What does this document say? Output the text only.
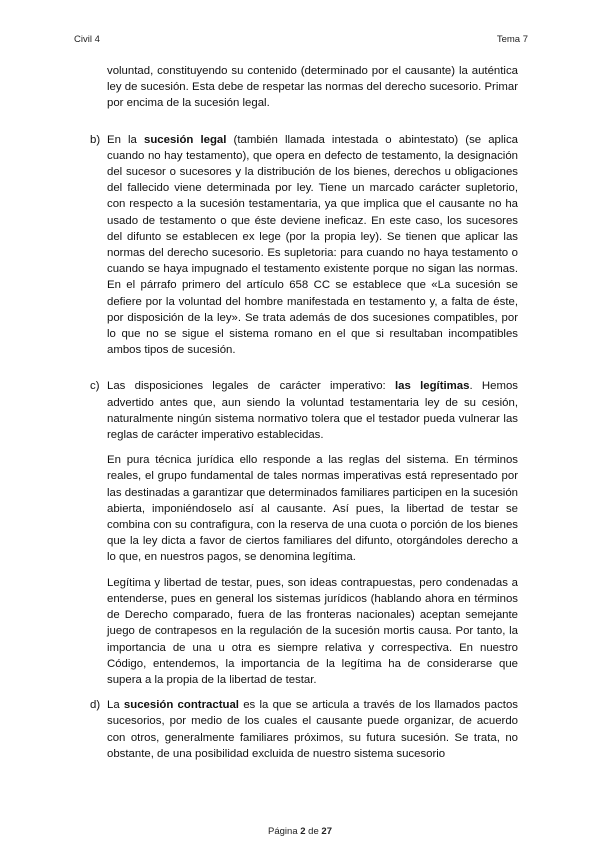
Civil 4	Tema 7

voluntad, constituyendo su contenido (determinado por el causante) la auténtica ley de sucesión. Esta debe de respetar las normas del derecho sucesorio. Primar por encima de la sucesión legal.

b) En la sucesión legal (también llamada intestada o abintestato) (se aplica cuando no hay testamento), que opera en defecto de testamento, la designación del sucesor o sucesores y la distribución de los bienes, derechos u obligaciones del fallecido viene determinada por ley. Tiene un marcado carácter supletorio, con respecto a la sucesión testamentaria, ya que implica que el causante no ha usado de testamento o que éste deviene ineficaz. En este caso, los sucesores del difunto se establecen ex lege (por la propia ley). Se tienen que aplicar las normas del derecho sucesorio. Es supletoria: para cuando no haya testamento o cuando se haya impugnado el testamento existente porque no sigan las normas. En el párrafo primero del artículo 658 CC se establece que «La sucesión se defiere por la voluntad del hombre manifestada en testamento y, a falta de éste, por disposición de la ley». Se trata además de dos sucesiones compatibles, por lo que no se sigue el sistema romano en el que si resultaban incompatibles ambos tipos de sucesión.

c) Las disposiciones legales de carácter imperativo: las legítimas. Hemos advertido antes que, aun siendo la voluntad testamentaria ley de su cesión, naturalmente ningún sistema normativo tolera que el testador pueda vulnerar las reglas de carácter imperativo establecidas.

En pura técnica jurídica ello responde a las reglas del sistema. En términos reales, el grupo fundamental de tales normas imperativas está representado por las destinadas a garantizar que determinados familiares participen en la sucesión abierta, imponiéndoselo así al causante. Así pues, la libertad de testar se combina con su contrafigura, con la reserva de una cuota o porción de los bienes que la ley dicta a favor de ciertos familiares del difunto, otorgándoles derecho a lo que, en nuestros pagos, se denomina legítima.

Legítima y libertad de testar, pues, son ideas contrapuestas, pero condenadas a entenderse, pues en general los sistemas jurídicos (hablando ahora en términos de Derecho comparado, fuera de las fronteras nacionales) aceptan semejante juego de contrapesos en la regulación de la sucesión mortis causa. Por tanto, la importancia de una u otra es siempre relativa y correspectiva. En nuestro Código, entendemos, la importancia de la legítima ha de considerarse que supera a la propia de la libertad de testar.

d) La sucesión contractual es la que se articula a través de los llamados pactos sucesorios, por medio de los cuales el causante puede organizar, de acuerdo con otros, generalmente familiares próximos, su futura sucesión. Se trata, no obstante, de una posibilidad excluida de nuestro sistema sucesorio

Página 2 de 27
